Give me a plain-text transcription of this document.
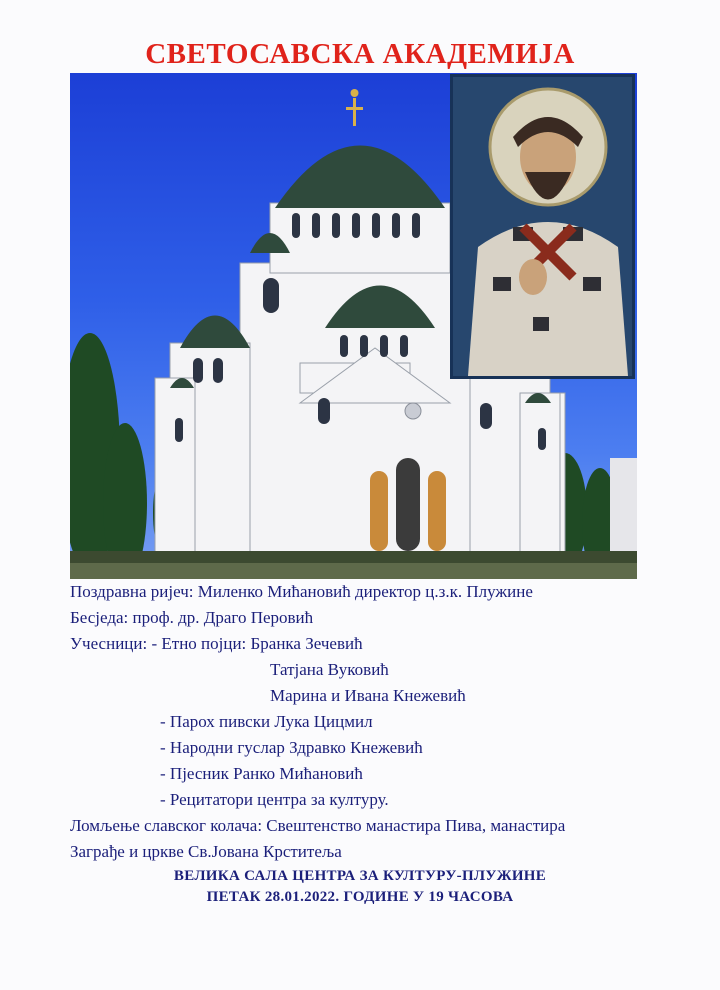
СВЕТОСАВСКА АКАДЕМИЈА
Поздравна ријеч: Миленко Мићановић директор ц.з.к. Плужине
Бесједа: проф. др. Драго Перовић
Учесници: - Етно појци: Бранка Зечевић
Татјана Вуковић
Марина и Ивана Кнежевић
- Парох пивски Лука Цицмил
- Народни гуслар Здравко Кнежевић
- Пјесник Ранко Мићановић
- Рецитатори центра за културу.
Ломљење славског колача: Свештенство манастира Пива, манастира
Заграђе и цркве Св.Јована Крститеља
ВЕЛИКА САЛА ЦЕНТРА ЗА КУЛТУРУ-ПЛУЖИНЕ
ПЕТАК 28.01.2022. ГОДИНЕ У 19 ЧАСОВА
